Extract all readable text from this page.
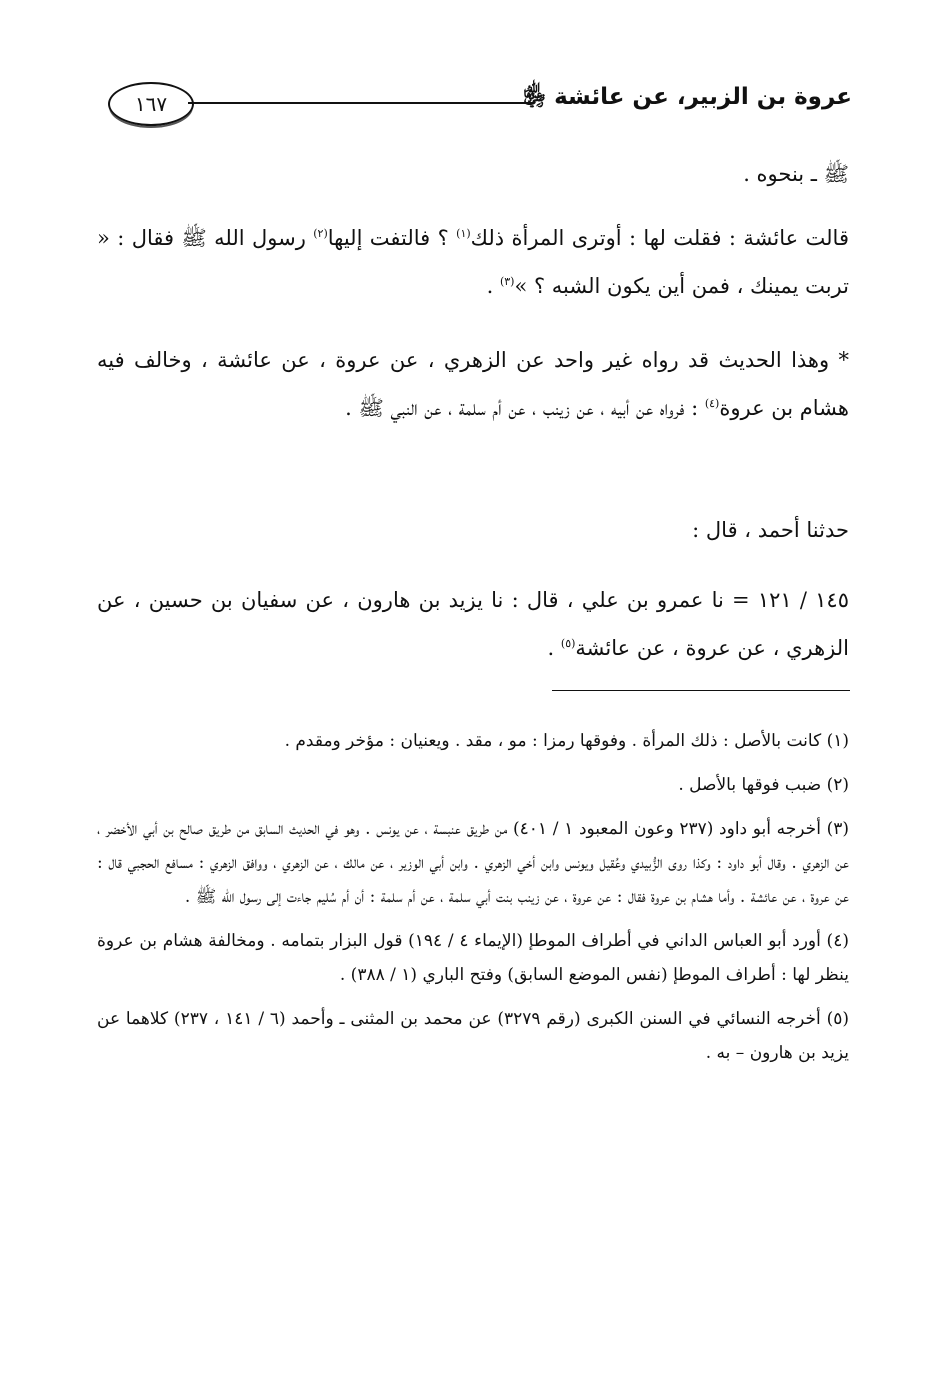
عروة بن الزبير، عن عائشة ﵂
١٦٧

ﷺ ـ بنحوه .

قالت عائشة : فقلت لها : أوترى المرأة ذلك$^{(١)}$ ؟ فالتفت إليها$^{(٢)}$ رسول الله ﷺ فقال : « تربت يمينك ، فمن أين يكون الشبه ؟ »$^{(٣)}$ .

* وهذا الحديث قد رواه غير واحد عن الزهري ، عن عروة ، عن عائشة ، وخالف فيه هشام بن عروة$^{(٤)}$ : فرواه عن أبيه ، عن زينب ، عن أم سلمة ، عن النبي ﷺ .

حدثنا أحمد ، قال :

١٤٥ / ١٢١ = نا عمرو بن علي ، قال : نا يزيد بن هارون ، عن سفيان بن حسين ، عن الزهري ، عن عروة ، عن عائشة$^{(٥)}$ .

(١) كانت بالأصل : ذلك المرأة . وفوقها رمزا : مو ، مقد . ويعنيان : مؤخر ومقدم .

(٢) ضبب فوقها بالأصل .

(٣) أخرجه أبو داود (٢٣٧ وعون المعبود ١ / ٤٠١) من طريق عنبسة ، عن يونس . وهو في الحديث السابق من طريق صالح بن أبي الأخضر ، عن الزهري . وقال أبو داود : وكذا روى الزُّبيدي وعُقيل ويونس وابن أخي الزهري . وابن أبي الوزير ، عن مالك ، عن الزهري ، ووافق الزهري : مسافع الحجبي قال : عن عروة ، عن عائشة . وأما هشام بن عروة فقال : عن عروة ، عن زينب بنت أبي سلمة ، عن أم سلمة : أن أم سُليم جاءت إلى رسول الله ﷺ .

(٤) أورد أبو العباس الداني في أطراف الموطإ (الإيماء ٤ / ١٩٤) قول البزار بتمامه . ومخالفة هشام بن عروة ينظر لها : أطراف الموطإ (نفس الموضع السابق) وفتح الباري (١ / ٣٨٨) .

(٥) أخرجه النسائي في السنن الكبرى (رقم ٣٢٧٩) عن محمد بن المثنى ـ وأحمد (٦ / ١٤١ ، ٢٣٧) كلاهما عن يزيد بن هارون – به .
